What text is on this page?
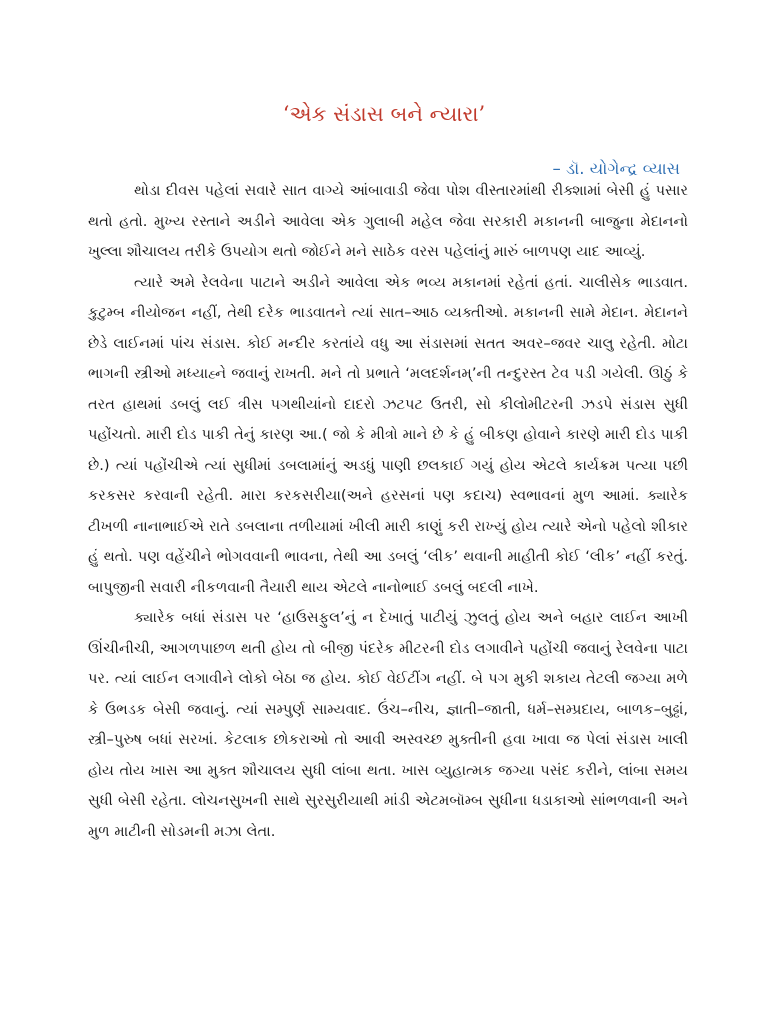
‘એક સંડાસ બને ન્યારા’
– ડૉ. યોગેન્દ્ર વ્યાસ

થોડા દીવસ પહેલાં સવારે સાત વાગ્યે આંબાવાડી જેવા પોશ વીસ્તારમાંથી રીક્શામાં બેસી હું પસાર થતો હતો. મુખ્ય રસ્તાને અડીને આવેલા એક ગુલાબી મહેલ જેવા સરકારી મકાનની બાજુના મેદાનનો ખુલ્લા શૌચાલય તરીકે ઉપયોગ થતો જોઈને મને સાઠેક વરસ પહેલાંનું મારું બાળપણ યાદ આવ્યું.

ત્યારે અમે રેલવેના પાટાને અડીને આવેલા એક ભવ્ય મકાનમાં રહેતાં હતાં. ચાલીસેક ભાડવાત. કુટુમ્બ નીયોજન નહીં, તેથી દરેક ભાડવાતને ત્યાં સાત–આઠ વ્યક્તીઓ. મકાનની સામે મેદાન. મેદાનને છેડે લાઈનમાં પાંચ સંડાસ. કોઈ મન્દીર કરતાંયે વધુ આ સંડાસમાં સતત અવર–જવર ચાલુ રહેતી. મોટા ભાગની સ્ત્રીઓ મધ્યાહ્ને જવાનું રાખતી. મને તો પ્રભાતે ‘મલદર્શનમ્’ની તન્દુરસ્ત ટેવ પડી ગયેલી. ઊઠું કે તરત હાથમાં ડબલું લઈ ત્રીસ પગથીયાંનો દાદરો ઝટપટ ઉતરી, સો કીલોમીટરની ઝડપે સંડાસ સુધી પહોંચતો. મારી દોડ પાકી તેનું કારણ આ.( જો કે મીત્રો માને છે કે હું બીકણ હોવાને કારણે મારી દોડ પાકી છે.) ત્યાં પહોંચીએ ત્યાં સુધીમાં ડબલામાંનું અડધું પાણી છલકાઈ ગયું હોય એટલે કાર્યક્રમ પત્યા પછી કરકસર કરવાની રહેતી. મારા કરકસરીયા(અને હરસનાં પણ કદાચ) સ્વભાવનાં મુળ આમાં. ક્યારેક ટીખળી નાનાભાઈએ રાતે ડબલાના તળીયામાં ખીલી મારી કાણું કરી રાખ્યું હોય ત્યારે એનો પહેલો શીકાર હું થતો. પણ વહેંચીને ભોગવવાની ભાવના, તેથી આ ડબલું ‘લીક’ થવાની માહીતી કોઈ ‘લીક’ નહીં કરતું. બાપુજીની સવારી નીકળવાની તૈયારી થાય એટલે નાનોભાઈ ડબલું બદલી નાખે.

ક્યારેક બધાં સંડાસ પર ‘હાઉસફુલ’નું ન દેખાતું પાટીયું ઝુલતું હોય અને બહાર લાઈન આખી ઊંચીનીચી, આગળપાછળ થતી હોય તો બીજી પંદરેક મીટરની દોડ લગાવીને પહોંચી જવાનું રેલવેના પાટા પર. ત્યાં લાઈન લગાવીને લોકો બેઠા જ હોય. કોઈ વેઈટીંગ નહીં. બે પગ મુકી શકાય તેટલી જગ્યા મળે કે ઉભડક બેસી જવાનું. ત્યાં સમ્પુર્ણ સામ્યવાદ. ઉંચ–નીચ, જ્ઞાતી–જાતી, ધર્મ–સમ્પ્રદાય, બાળક–બુઢ્ઢાં, સ્ત્રી–પુરુષ બધાં સરખાં. કેટલાક છોકરાઓ તો આવી અસ્વચ્છ મુક્તીની હવા ખાવા જ પેલાં સંડાસ ખાલી હોય તોય ખાસ આ મુક્ત શૌચાલય સુધી લાંબા થતા. ખાસ વ્યુહાત્મક જગ્યા પસંદ કરીને, લાંબા સમય સુધી બેસી રહેતા. લોચનસુખની સાથે સુરસુરીયાથી માંડી એટમબૉમ્બ સુધીના ધડાકાઓ સાંભળવાની અને મુળ માટીની સોડમની મઝા લેતા.
